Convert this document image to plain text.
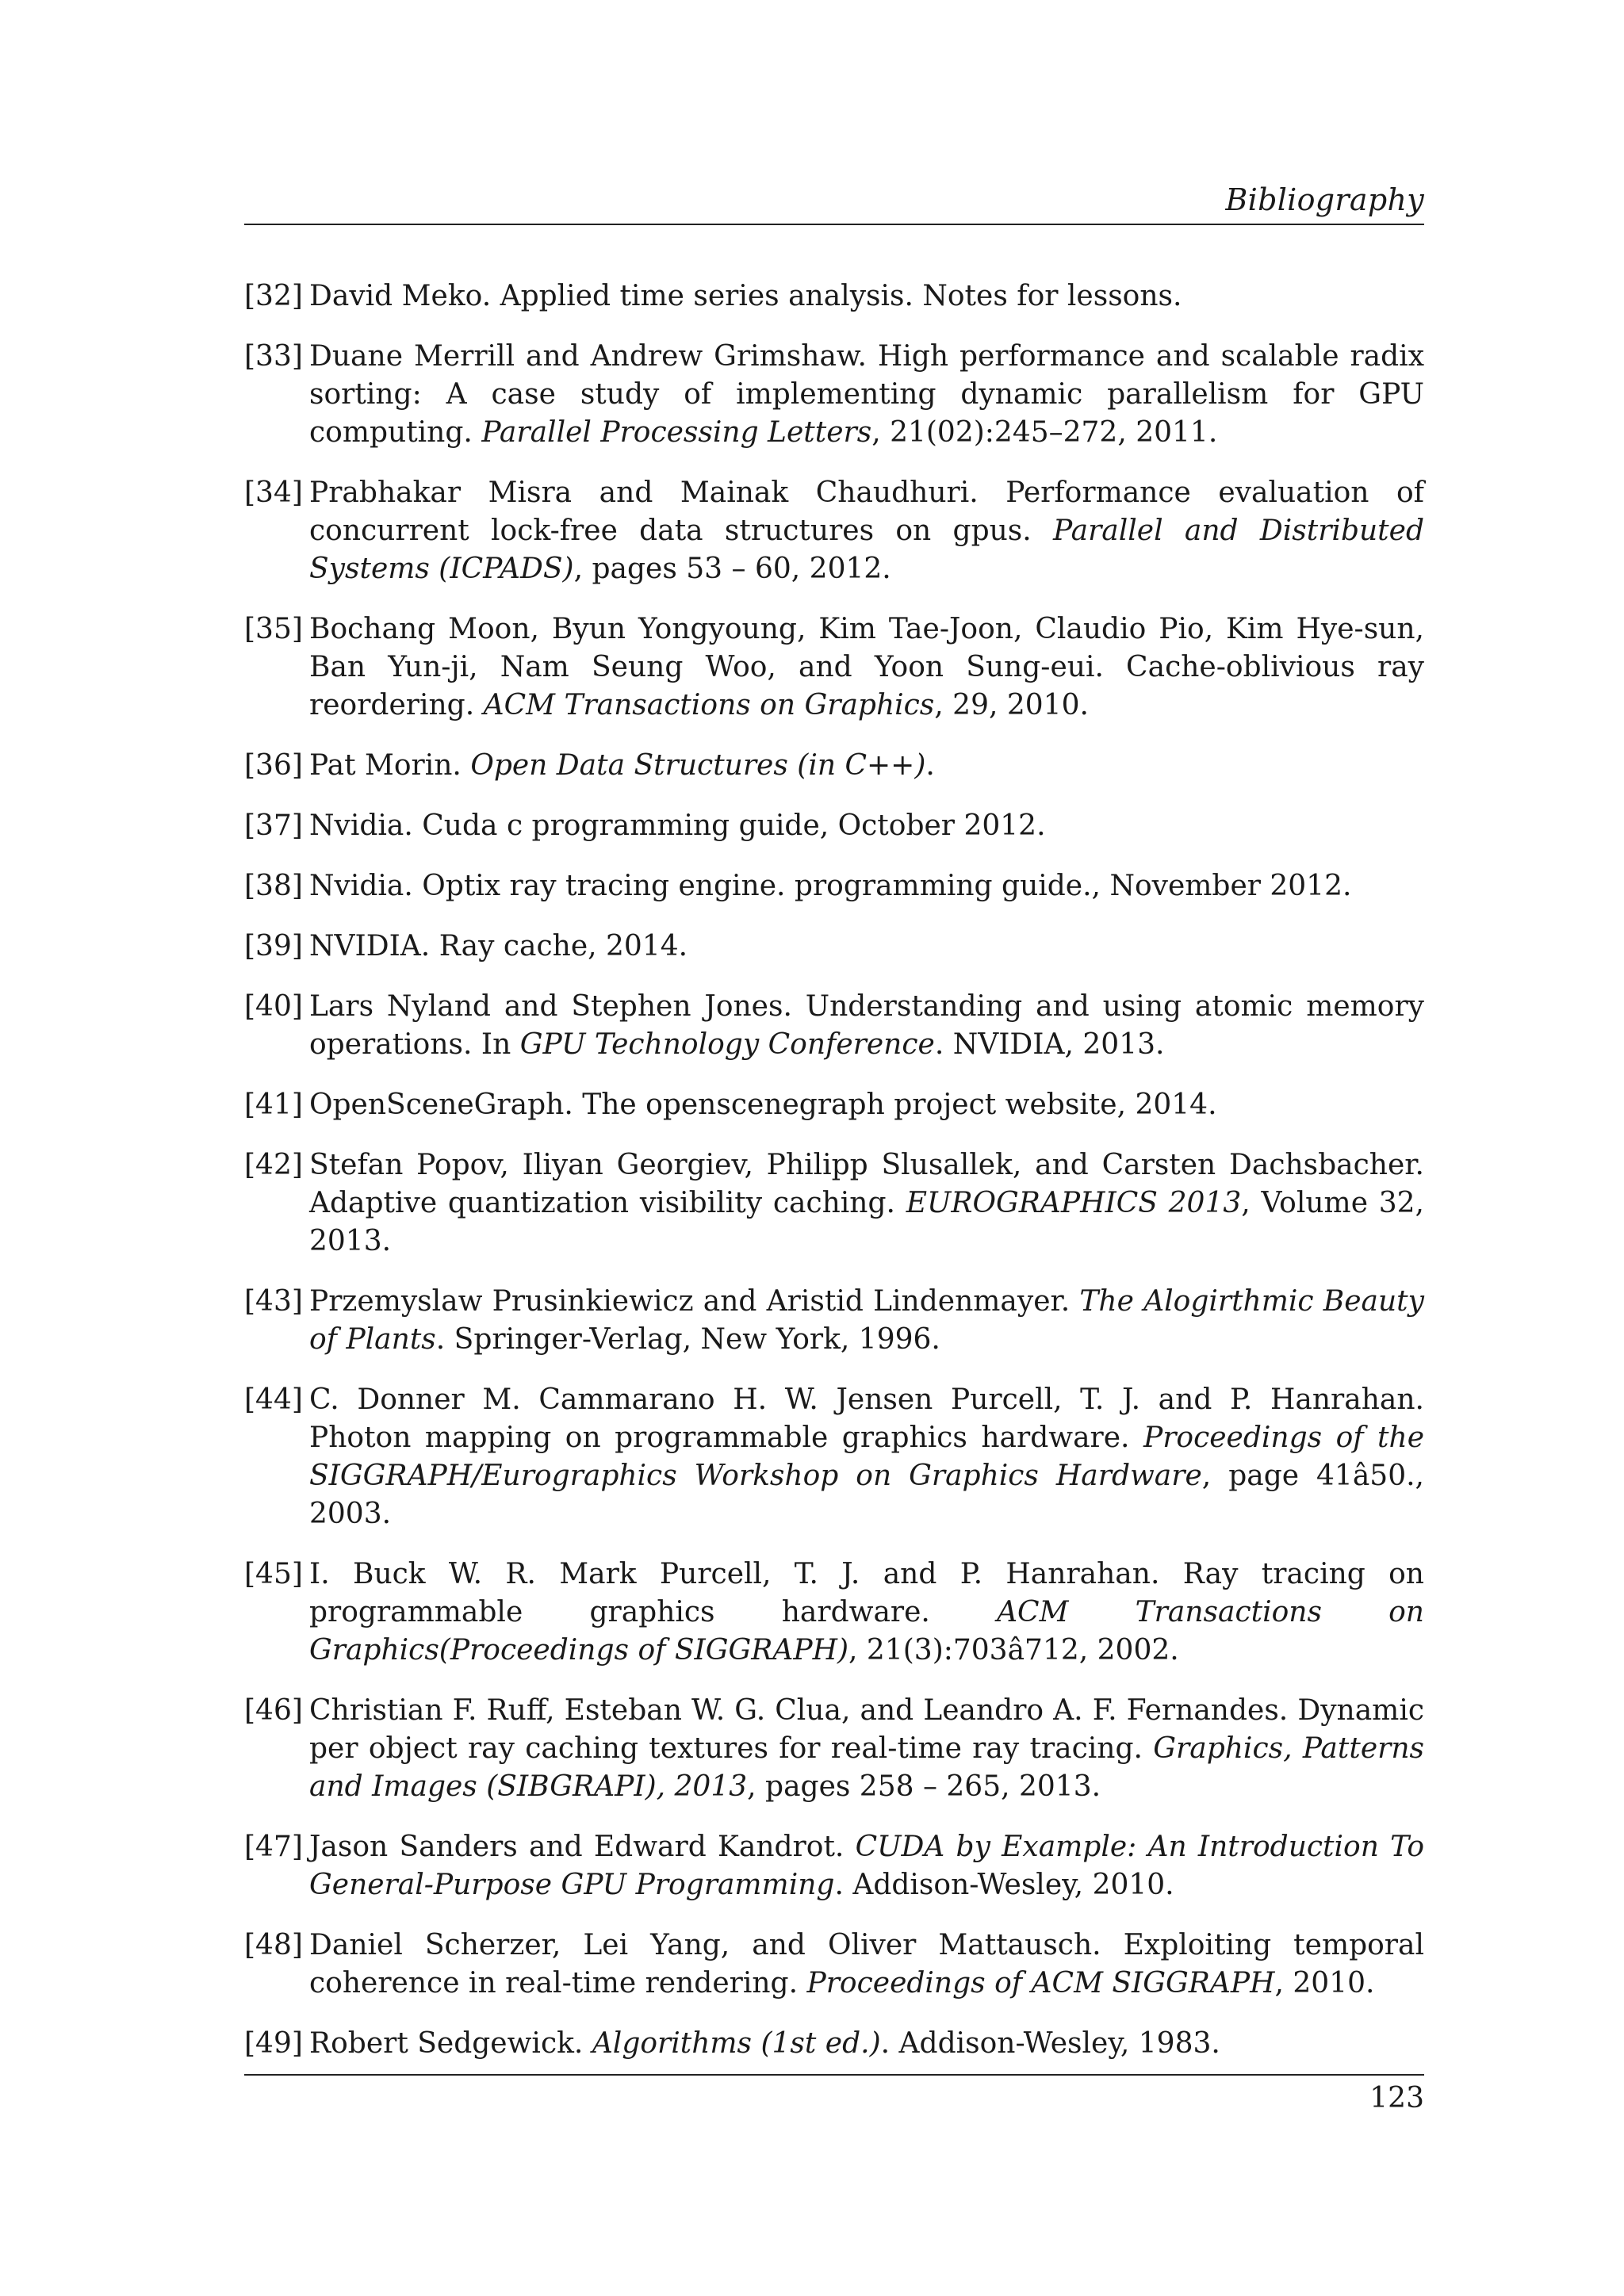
Bibliography
[32] David Meko. Applied time series analysis. Notes for lessons.
[33] Duane Merrill and Andrew Grimshaw. High performance and scalable radix sorting: A case study of implementing dynamic parallelism for GPU computing. Parallel Processing Letters, 21(02):245–272, 2011.
[34] Prabhakar Misra and Mainak Chaudhuri. Performance evaluation of concurrent lock-free data structures on gpus. Parallel and Distributed Systems (ICPADS), pages 53 – 60, 2012.
[35] Bochang Moon, Byun Yongyoung, Kim Tae-Joon, Claudio Pio, Kim Hye-sun, Ban Yun-ji, Nam Seung Woo, and Yoon Sung-eui. Cache-oblivious ray reordering. ACM Transactions on Graphics, 29, 2010.
[36] Pat Morin. Open Data Structures (in C++).
[37] Nvidia. Cuda c programming guide, October 2012.
[38] Nvidia. Optix ray tracing engine. programming guide., November 2012.
[39] NVIDIA. Ray cache, 2014.
[40] Lars Nyland and Stephen Jones. Understanding and using atomic memory operations. In GPU Technology Conference. NVIDIA, 2013.
[41] OpenSceneGraph. The openscenegraph project website, 2014.
[42] Stefan Popov, Iliyan Georgiev, Philipp Slusallek, and Carsten Dachsbacher. Adaptive quantization visibility caching. EUROGRAPHICS 2013, Volume 32, 2013.
[43] Przemyslaw Prusinkiewicz and Aristid Lindenmayer. The Alogirthmic Beauty of Plants. Springer-Verlag, New York, 1996.
[44] C. Donner M. Cammarano H. W. Jensen Purcell, T. J. and P. Hanrahan. Photon mapping on programmable graphics hardware. Proceedings of the SIGGRAPH/Eurographics Workshop on Graphics Hardware, page 41â50., 2003.
[45] I. Buck W. R. Mark Purcell, T. J. and P. Hanrahan. Ray tracing on programmable graphics hardware. ACM Transactions on Graphics(Proceedings of SIGGRAPH), 21(3):703â712, 2002.
[46] Christian F. Ruff, Esteban W. G. Clua, and Leandro A. F. Fernandes. Dynamic per object ray caching textures for real-time ray tracing. Graphics, Patterns and Images (SIBGRAPI), 2013, pages 258 – 265, 2013.
[47] Jason Sanders and Edward Kandrot. CUDA by Example: An Introduction To General-Purpose GPU Programming. Addison-Wesley, 2010.
[48] Daniel Scherzer, Lei Yang, and Oliver Mattausch. Exploiting temporal coherence in real-time rendering. Proceedings of ACM SIGGRAPH, 2010.
[49] Robert Sedgewick. Algorithms (1st ed.). Addison-Wesley, 1983.
123
